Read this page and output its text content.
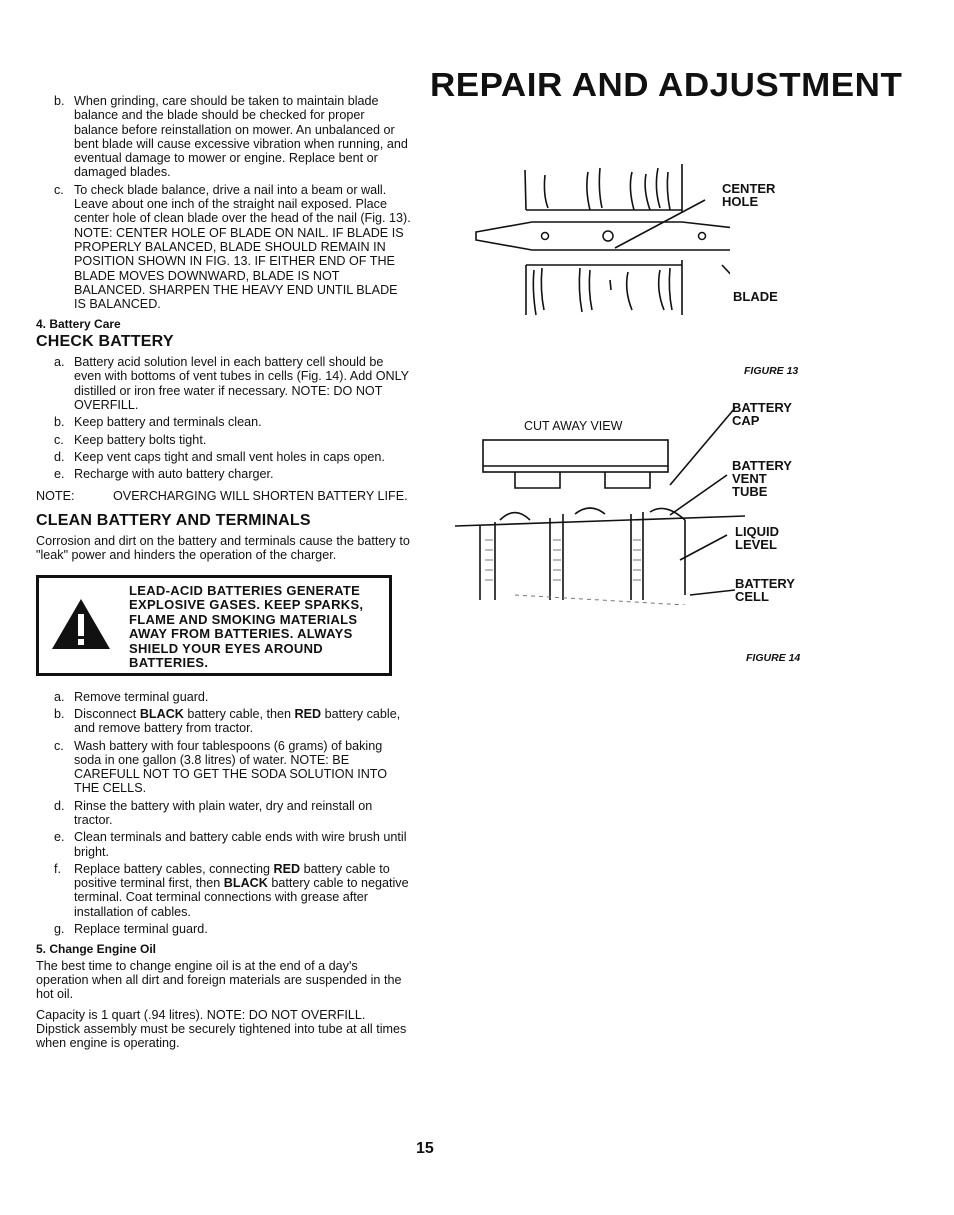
REPAIR AND ADJUSTMENT
b. When grinding, care should be taken to maintain blade balance and the blade should be checked for proper balance before reinstallation on mower. An unbalanced or bent blade will cause excessive vibration when running, and eventual damage to mower or engine. Replace bent or damaged blades.
c. To check blade balance, drive a nail into a beam or wall. Leave about one inch of the straight nail exposed. Place center hole of clean blade over the head of the nail (Fig. 13). NOTE: CENTER HOLE OF BLADE ON NAIL. IF BLADE IS PROPERLY BALANCED, BLADE SHOULD REMAIN IN POSITION SHOWN IN FIG. 13. IF EITHER END OF THE BLADE MOVES DOWNWARD, BLADE IS NOT BALANCED. SHARPEN THE HEAVY END UNTIL BLADE IS BALANCED.
4. Battery Care
CHECK BATTERY
a. Battery acid solution level in each battery cell should be even with bottoms of vent tubes in cells (Fig. 14). Add ONLY distilled or iron free water if necessary. NOTE: DO NOT OVERFILL.
b. Keep battery and terminals clean.
c. Keep battery bolts tight.
d. Keep vent caps tight and small vent holes in caps open.
e. Recharge with auto battery charger.
NOTE:	OVERCHARGING WILL SHORTEN BATTERY LIFE.
CLEAN BATTERY AND TERMINALS

Corrosion and dirt on the battery and terminals cause the battery to "leak" power and hinders the operation of the charger.

LEAD-ACID BATTERIES GENERATE EXPLOSIVE GASES. KEEP SPARKS, FLAME AND SMOKING MATERIALS AWAY FROM BATTERIES. ALWAYS SHIELD YOUR EYES AROUND BATTERIES.
a. Remove terminal guard.
b. Disconnect BLACK battery cable, then RED battery cable, and remove battery from tractor.
c. Wash battery with four tablespoons (6 grams) of baking soda in one gallon (3.8 litres) of water. NOTE: BE CAREFULL NOT TO GET THE SODA SOLUTION INTO THE CELLS.
d. Rinse the battery with plain water, dry and reinstall on tractor.
e. Clean terminals and battery cable ends with wire brush until bright.
f.	Replace battery cables, connecting RED battery cable to positive terminal first, then BLACK battery cable to negative terminal. Coat terminal connections with grease after installation of cables.
g. Replace terminal guard.
5. Change Engine Oil

The best time to change engine oil is at the end of a day's operation when all dirt and foreign materials are suspended in the hot oil.

Capacity is 1 quart (.94 litres). NOTE: DO NOT OVERFILL. Dipstick assembly must be securely tightened into tube at all times when engine is operating.

15
CENTER
HOLE
BLADE
FIGURE 13
CUT AWAY VIEW
BATTERY
CAP
BATTERY
VENT
TUBE
LIQUID
LEVEL
BATTERY
CELL
FIGURE 14
